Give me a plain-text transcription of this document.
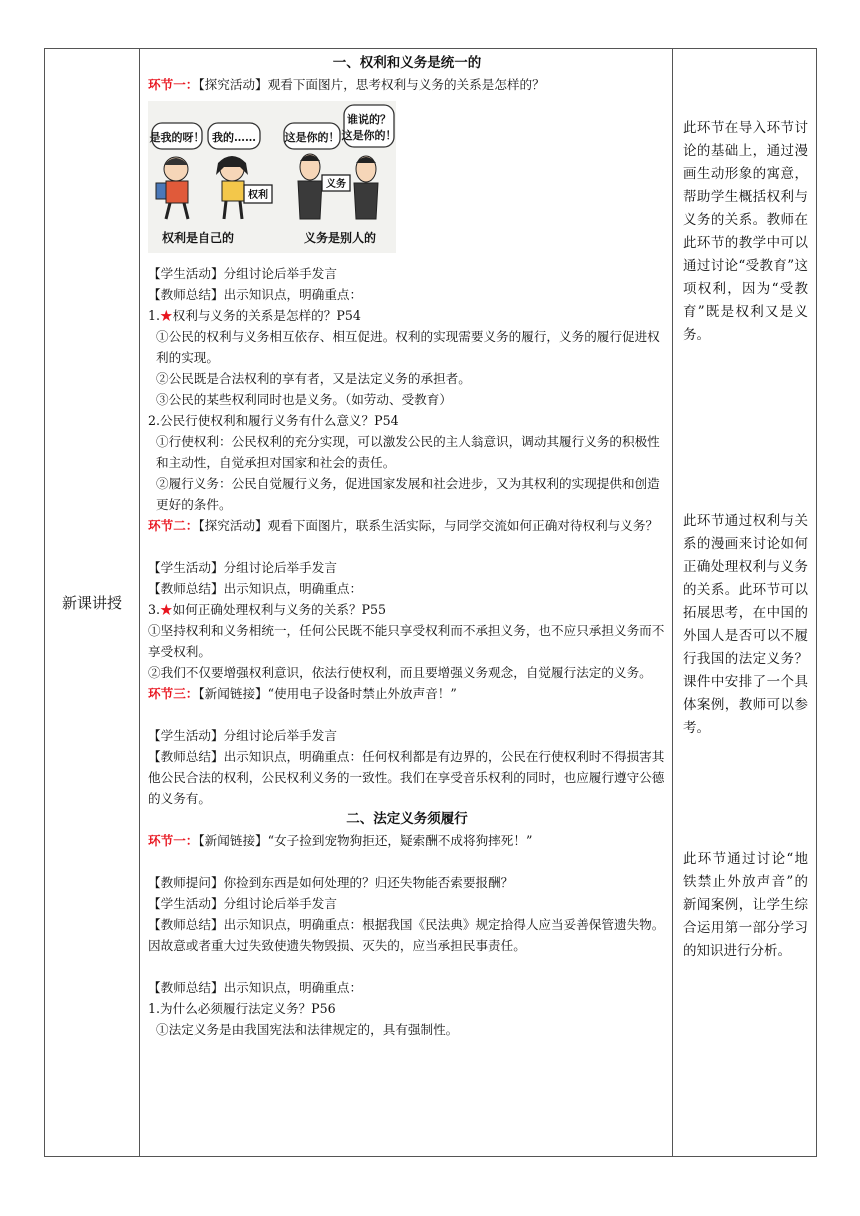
新课讲授	

一、权利和义务是统一的

环节一：【探究活动】观看下面图片，思考权利与义务的关系是怎样的？

是我的呀！ 我的……	这是你的！
谁说的？
这是你的！
权利
义务
权利是自己的	义务是别人的

【学生活动】分组讨论后举手发言

【教师总结】出示知识点，明确重点：

1.★权利与义务的关系是怎样的？P54

①公民的权利与义务相互依存、相互促进。权利的实现需要义务的履行，义务的履行促进权利的实现。

②公民既是合法权利的享有者，又是法定义务的承担者。

③公民的某些权利同时也是义务。（如劳动、受教育）

2.公民行使权利和履行义务有什么意义？P54

①行使权利：公民权利的充分实现，可以激发公民的主人翁意识，调动其履行义务的积极性和主动性，自觉承担对国家和社会的责任。

②履行义务：公民自觉履行义务，促进国家发展和社会进步，又为其权利的实现提供和创造更好的条件。

环节二：【探究活动】观看下面图片，联系生活实际，与同学交流如何正确对待权利与义务？

【学生活动】分组讨论后举手发言

【教师总结】出示知识点，明确重点：

3.★如何正确处理权利与义务的关系？P55

①坚持权利和义务相统一，任何公民既不能只享受权利而不承担义务，也不应只承担义务而不享受权利。

②我们不仅要增强权利意识，依法行使权利，而且要增强义务观念，自觉履行法定的义务。

环节三：【新闻链接】“使用电子设备时禁止外放声音！”

【学生活动】分组讨论后举手发言

【教师总结】出示知识点，明确重点：任何权利都是有边界的，公民在行使权利时不得损害其他公民合法的权利，公民权利义务的一致性。我们在享受音乐权利的同时，也应履行遵守公德的义务有。

二、法定义务须履行

环节一：【新闻链接】“女子捡到宠物狗拒还，疑索酬不成将狗摔死！”

【教师提问】你捡到东西是如何处理的？归还失物能否索要报酬？

【学生活动】分组讨论后举手发言

【教师总结】出示知识点，明确重点：根据我国《民法典》规定拾得人应当妥善保管遗失物。因故意或者重大过失致使遗失物毁损、灭失的，应当承担民事责任。

【教师总结】出示知识点，明确重点：

1.为什么必须履行法定义务？P56

①法定义务是由我国宪法和法律规定的，具有强制性。

此环节在导入环节讨论的基础上，通过漫画生动形象的寓意，帮助学生概括权利与义务的关系。教师在此环节的教学中可以通过讨论“受教育”这项权利，因为“受教育”既是权利又是义务。
此环节通过权利与关系的漫画来讨论如何正确处理权利与义务的关系。此环节可以拓展思考，在中国的外国人是否可以不履行我国的法定义务？课件中安排了一个具体案例，教师可以参考。
此环节通过讨论“地铁禁止外放声音”的新闻案例，让学生综合运用第一部分学习的知识进行分析。
